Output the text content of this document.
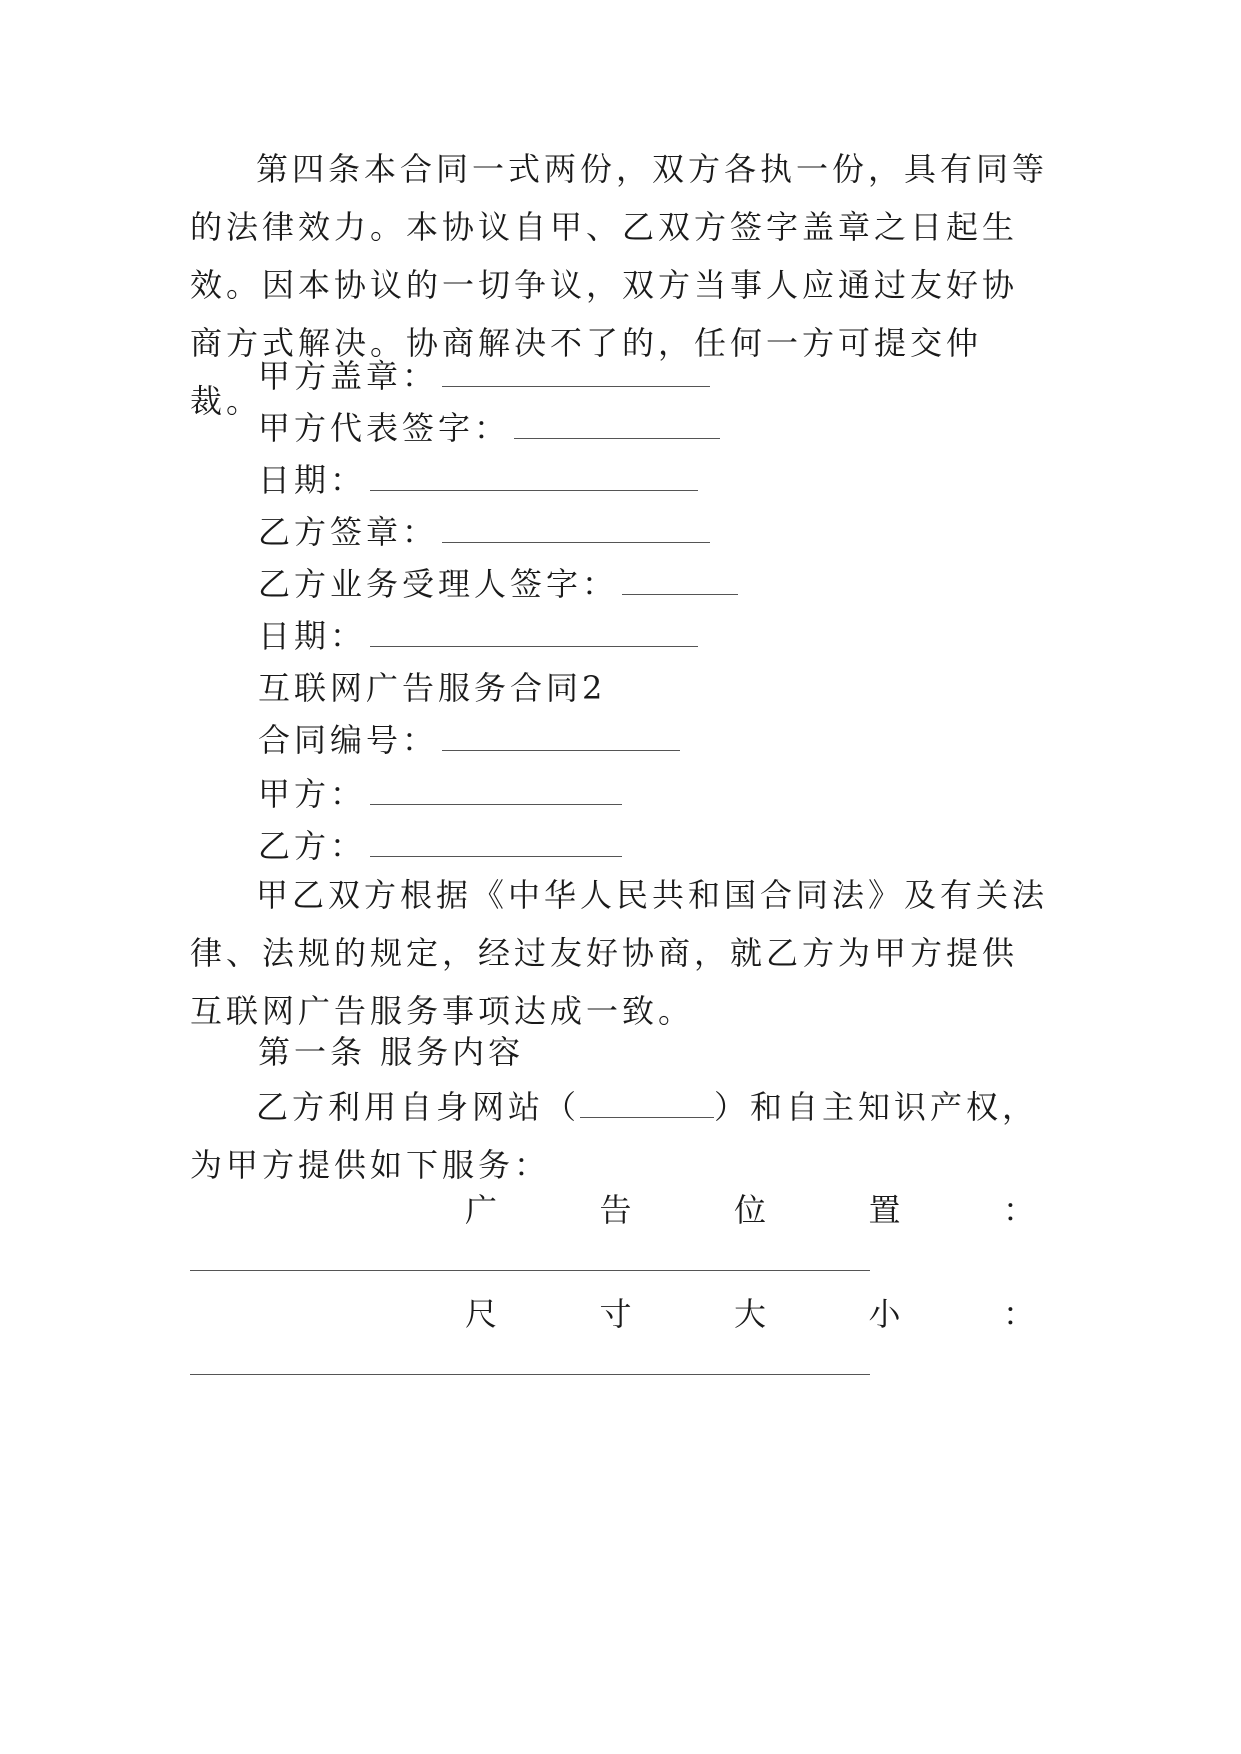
第四条本合同一式两份，双方各执一份，具有同等的法律效力。本协议自甲、乙双方签字盖章之日起生效。因本协议的一切争议，双方当事人应通过友好协商方式解决。协商解决不了的，任何一方可提交仲裁。
甲方盖章：
甲方代表签字：
日期：
乙方签章：
乙方业务受理人签字：
日期：
互联网广告服务合同2
合同编号：
甲方：
乙方：
甲乙双方根据《中华人民共和国合同法》及有关法律、法规的规定，经过友好协商，就乙方为甲方提供互联网广告服务事项达成一致。
第一条 服务内容
乙方利用自身网站（	）和自主知识产权，为甲方提供如下服务：
广	告	位	置	：
尺	寸	大	小	：
